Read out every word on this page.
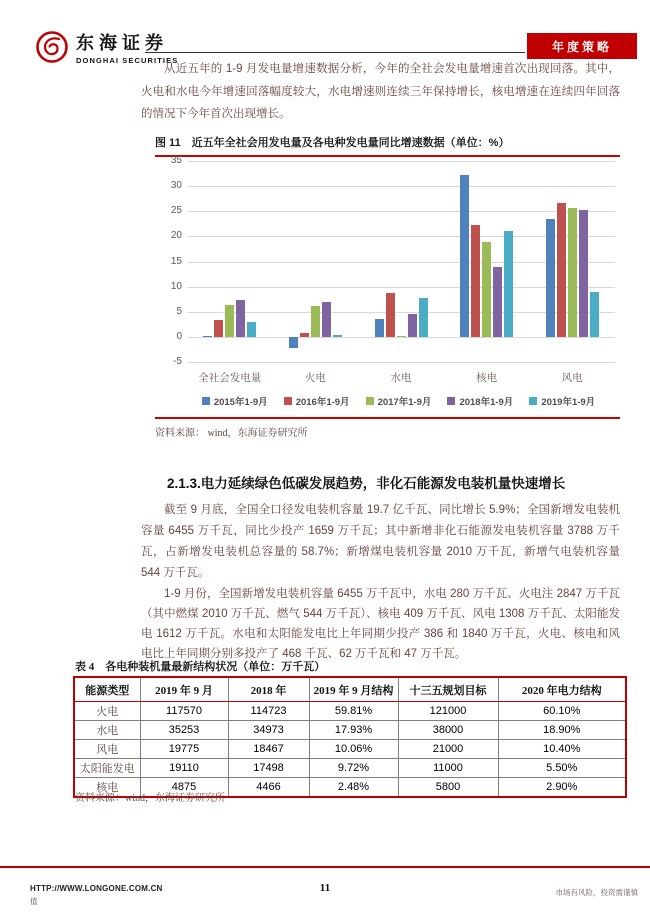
东海证券
DONGHAI SECURITIES
年度策略
从近五年的 1-9 月发电量增速数据分析，今年的全社会发电量增速首次出现回落。其中，火电和水电今年增速回落幅度较大，水电增速则连续三年保持增长，核电增速在连续四年回落的情况下今年首次出现增长。
图 11　近五年全社会用发电量及各电种发电量同比增速数据（单位：%）
-5
0
5
10
15
20
25
30
35
全社会发电量	火电	水电	核电	风电
2015年1-9月	2016年1-9月	2017年1-9月	2018年1-9月	2019年1-9月
资料来源： wind，东海证券研究所
2.1.3.电力延续绿色低碳发展趋势，非化石能源发电装机量快速增长
截至 9 月底，全国全口径发电装机容量 19.7 亿千瓦、同比增长 5.9%；全国新增发电装机容量 6455 万千瓦，同比少投产 1659 万千瓦；其中新增非化石能源发电装机容量 3788 万千瓦，占新增发电装机总容量的 58.7%；新增煤电装机容量 2010 万千瓦，新增气电装机容量 544 万千瓦。
1-9 月份，全国新增发电装机容量 6455 万千瓦中，水电 280 万千瓦、火电注 2847 万千瓦（其中燃煤 2010 万千瓦、燃气 544 万千瓦）、核电 409 万千瓦、风电 1308 万千瓦、太阳能发电 1612 万千瓦。水电和太阳能发电比上年同期少投产 386 和 1840 万千瓦，火电、核电和风电比上年同期分别多投产了 468 千瓦、62 万千瓦和 47 万千瓦。
表 4　各电种装机量最新结构状况（单位：万千瓦）
能源类型	2019 年 9 月	2018 年	2019 年 9 月结构	十三五规划目标	2020 年电力结构
火电	117570	114723	59.81%	121000	60.10%
水电	35253	34973	17.93%	38000	18.90%
风电	19775	18467	10.06%	21000	10.40%
太阳能发电	19110	17498	9.72%	11000	5.50%
核电	4875	4466	2.48%	5800	2.90%
资料来源：wind，东海证券研究所
HTTP://WWW.LONGONE.COM.CN
值
11	市场有风险，投资需谨慎
